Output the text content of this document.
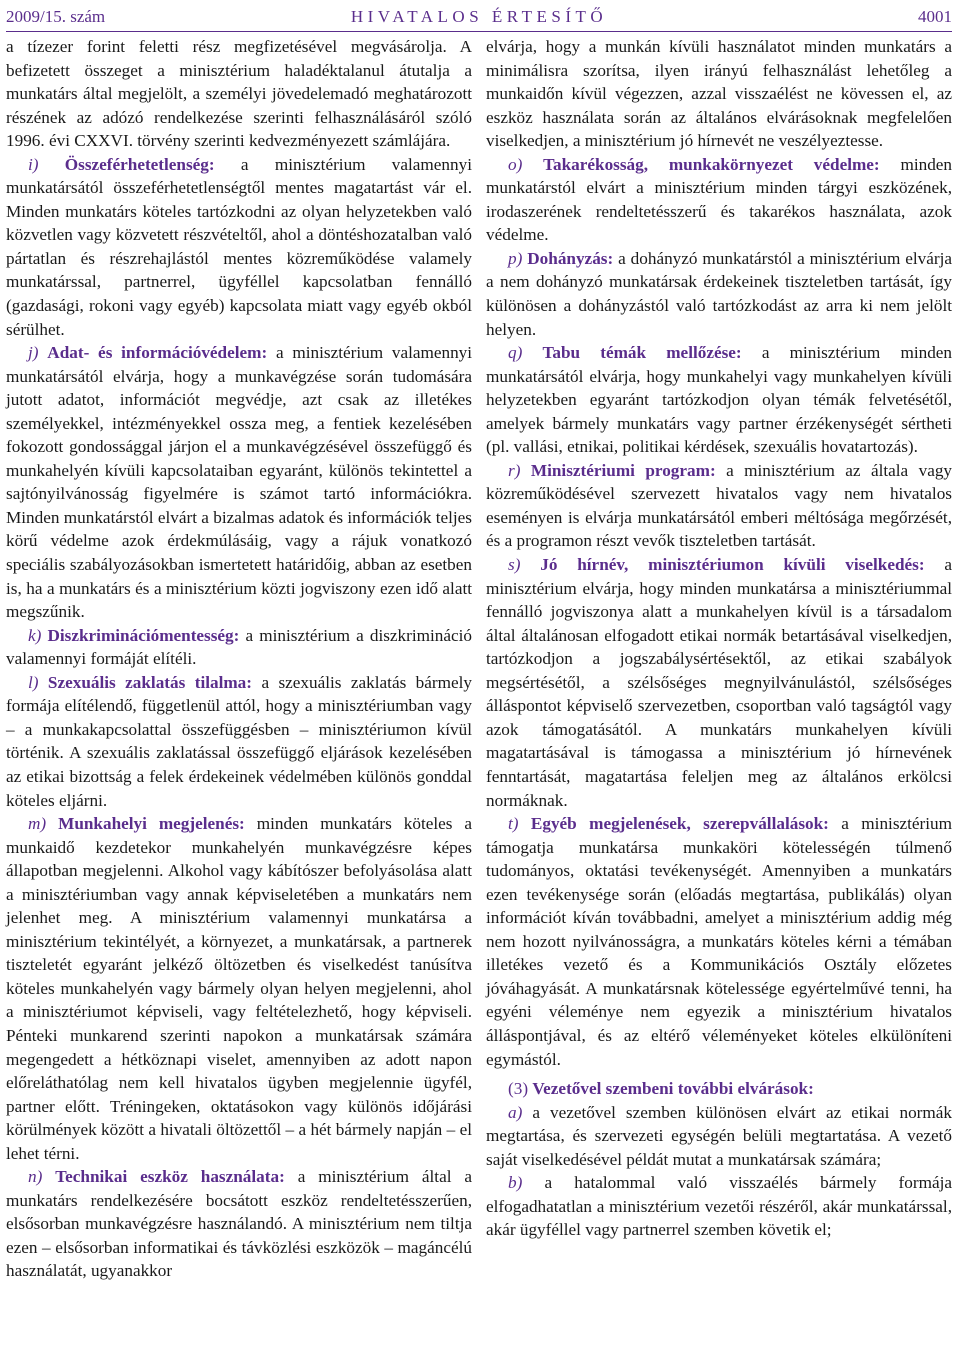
2009/15. szám	HIVATALOS ÉRTESÍTŐ	4001

a tízezer forint feletti rész megfizetésével megvásárolja. A befizetett összeget a minisztérium haladéktalanul átutalja a munkatárs által megjelölt, a személyi jövedelemadó meghatározott részének az adózó rendelkezése szerinti felhasználásáról szóló 1996. évi CXXVI. törvény szerinti kedvezményezett számlájára.

i) Összeférhetetlenség: a minisztérium valamennyi munkatársától összeférhetetlenségtől mentes magatartást vár el. Minden munkatárs köteles tartózkodni az olyan helyzetekben való közvetlen vagy közvetett részvételtől, ahol a döntéshozatalban való pártatlan és részrehajlástól mentes közreműködése valamely munkatárssal, partnerrel, ügyféllel kapcsolatban fennálló (gazdasági, rokoni vagy egyéb) kapcsolata miatt vagy egyéb okból sérülhet.

j) Adat- és információvédelem: a minisztérium valamennyi munkatársától elvárja, hogy a munkavégzése során tudomására jutott adatot, információt megvédje, azt csak az illetékes személyekkel, intézményekkel ossza meg, a fentiek kezelésében fokozott gondossággal járjon el a munkavégzésével összefüggő és munkahelyén kívüli kapcsolataiban egyaránt, különös tekintettel a sajtónyilvánosság figyelmére is számot tartó információkra. Minden munkatárstól elvárt a bizalmas adatok és információk teljes körű védelme azok érdekmúlásáig, vagy a rájuk vonatkozó speciális szabályozásokban ismertetett határidőig, abban az esetben is, ha a munkatárs és a minisztérium közti jogviszony ezen idő alatt megszűnik.

k) Diszkriminációmentesség: a minisztérium a diszkrimináció valamennyi formáját elítéli.

l) Szexuális zaklatás tilalma: a szexuális zaklatás bármely formája elítélendő, függetlenül attól, hogy a minisztériumban vagy – a munkakapcsolattal összefüggésben – minisztériumon kívül történik. A szexuális zaklatással összefüggő eljárások kezelésében az etikai bizottság a felek érdekeinek védelmében különös gonddal köteles eljárni.

m) Munkahelyi megjelenés: minden munkatárs köteles a munkaidő kezdetekor munkahelyén munkavégzésre képes állapotban megjelenni. Alkohol vagy kábítószer befolyásolása alatt a minisztériumban vagy annak képviseletében a munkatárs nem jelenhet meg. A minisztérium valamennyi munkatársa a minisztérium tekintélyét, a környezet, a munkatársak, a partnerek tiszteletét egyaránt jelkéző öltözetben és viselkedést tanúsítva köteles munkahelyén vagy bármely olyan helyen megjelenni, ahol a minisztériumot képviseli, vagy feltételezhető, hogy képviseli. Pénteki munkarend szerinti napokon a munkatársak számára megengedett a hétköznapi viselet, amennyiben az adott napon előreláthatólag nem kell hivatalos ügyben megjelennie ügyfél, partner előtt. Tréningeken, oktatásokon vagy különös időjárási körülmények között a hivatali öltözettől – a hét bármely napján – el lehet térni.

n) Technikai eszköz használata: a minisztérium által a munkatárs rendelkezésére bocsátott eszköz rendeltetésszerűen, elsősorban munkavégzésre használandó. A minisztérium nem tiltja ezen – elsősorban informatikai és távközlési eszközök – magáncélú használatát, ugyanakkor

elvárja, hogy a munkán kívüli használatot minden munkatárs a minimálisra szorítsa, ilyen irányú felhasználást lehetőleg a munkaidőn kívül végezzen, azzal visszaélést ne kövessen el, az eszköz használata során az általános elvárásoknak megfelelően viselkedjen, a minisztérium jó hírnevét ne veszélyeztesse.

o) Takarékosság, munkakörnyezet védelme: minden munkatárstól elvárt a minisztérium minden tárgyi eszközének, irodaszerének rendeltetésszerű és takarékos használata, azok védelme.

p) Dohányzás: a dohányzó munkatárstól a minisztérium elvárja a nem dohányzó munkatársak érdekeinek tiszteletben tartását, így különösen a dohányzástól való tartózkodást az arra ki nem jelölt helyen.

q) Tabu témák mellőzése: a minisztérium minden munkatársától elvárja, hogy munkahelyi vagy munkahelyen kívüli helyzetekben egyaránt tartózkodjon olyan témák felvetésétől, amelyek bármely munkatárs vagy partner érzékenységét sértheti (pl. vallási, etnikai, politikai kérdések, szexuális hovatartozás).

r) Minisztériumi program: a minisztérium az általa vagy közreműködésével szervezett hivatalos vagy nem hivatalos eseményen is elvárja munkatársától emberi méltósága megőrzését, és a programon részt vevők tiszteletben tartását.

s) Jó hírnév, minisztériumon kívüli viselkedés: a minisztérium elvárja, hogy minden munkatársa a minisztériummal fennálló jogviszonya alatt a munkahelyen kívül is a társadalom által általánosan elfogadott etikai normák betartásával viselkedjen, tartózkodjon a jogszabálysértésektől, az etikai szabályok megsértésétől, a szélsőséges megnyilvánulástól, szélsőséges álláspontot képviselő szervezetben, csoportban való tagságtól vagy azok támogatásától. A munkatárs munkahelyen kívüli magatartásával is támogassa a minisztérium jó hírnevének fenntartását, magatartása feleljen meg az általános erkölcsi normáknak.

t) Egyéb megjelenések, szerepvállalások: a minisztérium támogatja munkatársa munkaköri kötelességén túlmenő tudományos, oktatási tevékenységét. Amennyiben a munkatárs ezen tevékenysége során (előadás megtartása, publikálás) olyan információt kíván továbbadni, amelyet a minisztérium addig még nem hozott nyilvánosságra, a munkatárs köteles kérni a témában illetékes vezető és a Kommunikációs Osztály előzetes jóváhagyását. A munkatársnak kötelessége egyértelművé tenni, ha egyéni véleménye nem egyezik a minisztérium hivatalos álláspontjával, és az eltérő véleményeket köteles elkülöníteni egymástól.

(3) Vezetővel szembeni további elvárások:

a) a vezetővel szemben különösen elvárt az etikai normák megtartása, és szervezeti egységén belüli megtartatása. A vezető saját viselkedésével példát mutat a munkatársak számára;

b) a hatalommal való visszaélés bármely formája elfogadhatatlan a minisztérium vezetői részéről, akár munkatárssal, akár ügyféllel vagy partnerrel szemben követik el;
